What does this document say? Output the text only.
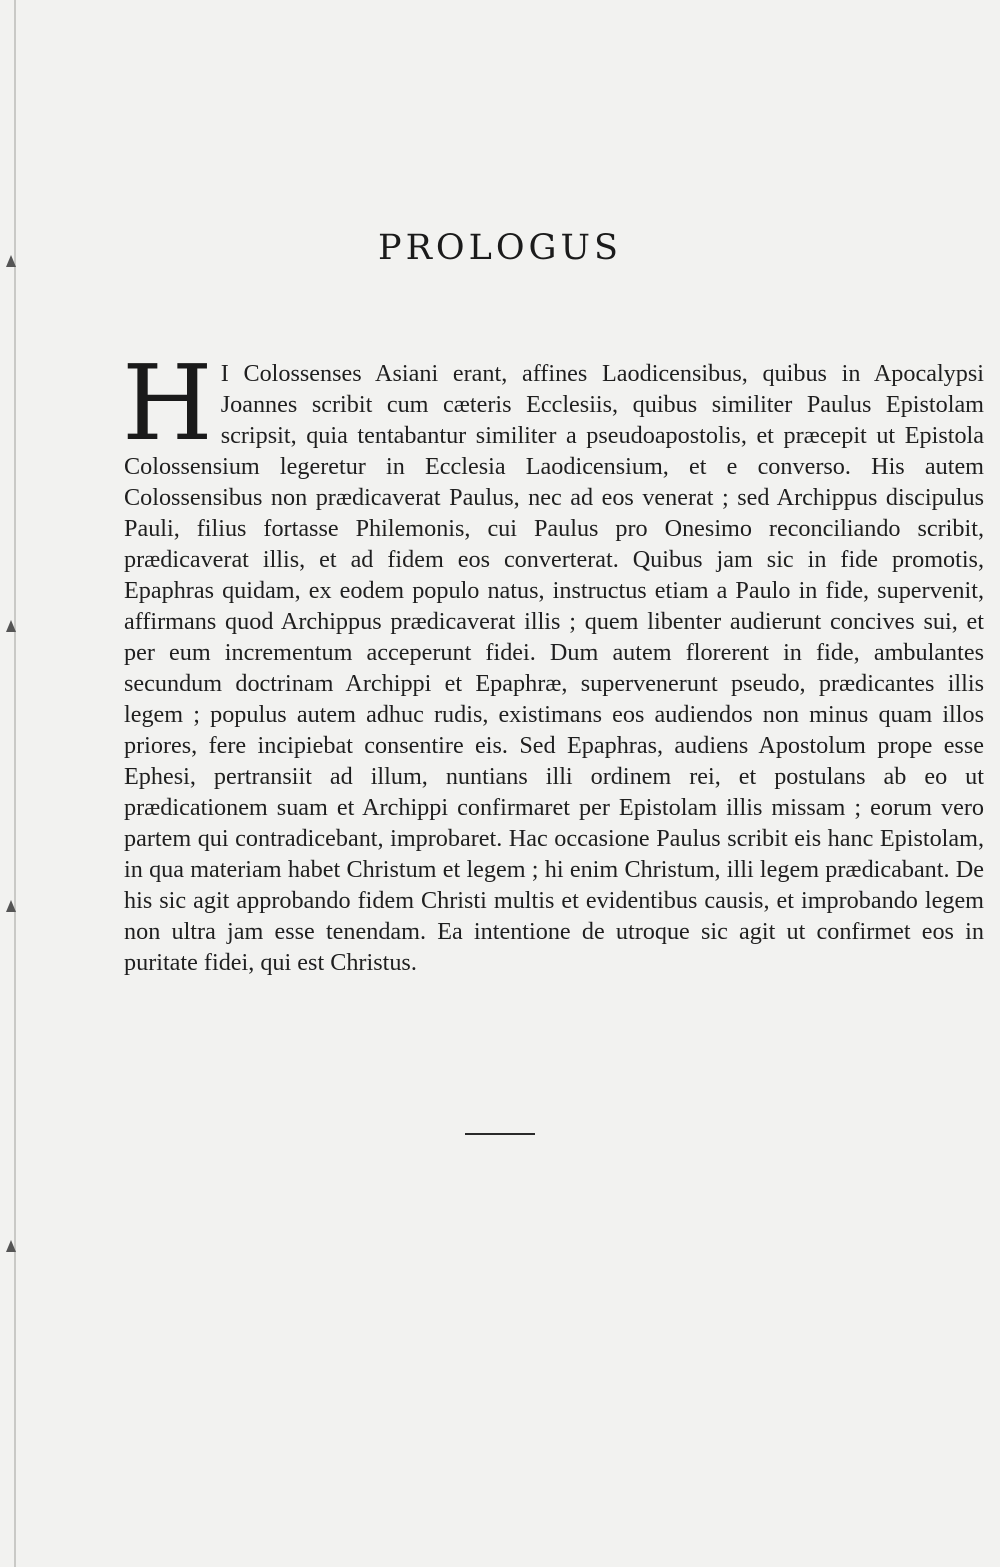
PROLOGUS

H I Colossenses Asiani erant, affines Laodicensibus, quibus in Apocalypsi Joannes scribit cum cæteris Ecclesiis, quibus similiter Paulus Epistolam scripsit, quia tentabantur similiter a pseudoapostolis, et præcepit ut Epistola Colossensium legeretur in Ecclesia Laodicensium, et e converso. His autem Colossensibus non prædicaverat Paulus, nec ad eos venerat ; sed Archippus discipulus Pauli, filius fortasse Philemonis, cui Paulus pro Onesimo reconciliando scribit, prædicaverat illis, et ad fidem eos converterat. Quibus jam sic in fide promotis, Epaphras quidam, ex eodem populo natus, instructus etiam a Paulo in fide, supervenit, affirmans quod Archippus prædicaverat illis ; quem libenter audierunt concives sui, et per eum incrementum acceperunt fidei. Dum autem florerent in fide, ambulantes secundum doctrinam Archippi et Epaphræ, supervenerunt pseudo, prædicantes illis legem ; populus autem adhuc rudis, existimans eos audiendos non minus quam illos priores, fere incipiebat consentire eis. Sed Epaphras, audiens Apostolum prope esse Ephesi, pertransiit ad illum, nuntians illi ordinem rei, et postulans ab eo ut prædicationem suam et Archippi confirmaret per Epistolam illis missam ; eorum vero partem qui contradicebant, improbaret. Hac occasione Paulus scribit eis hanc Epistolam, in qua materiam habet Christum et legem ; hi enim Christum, illi legem prædicabant. De his sic agit approbando fidem Christi multis et evidentibus causis, et improbando legem non ultra jam esse tenendam. Ea intentione de utroque sic agit ut confirmet eos in puritate fidei, qui est Christus.
